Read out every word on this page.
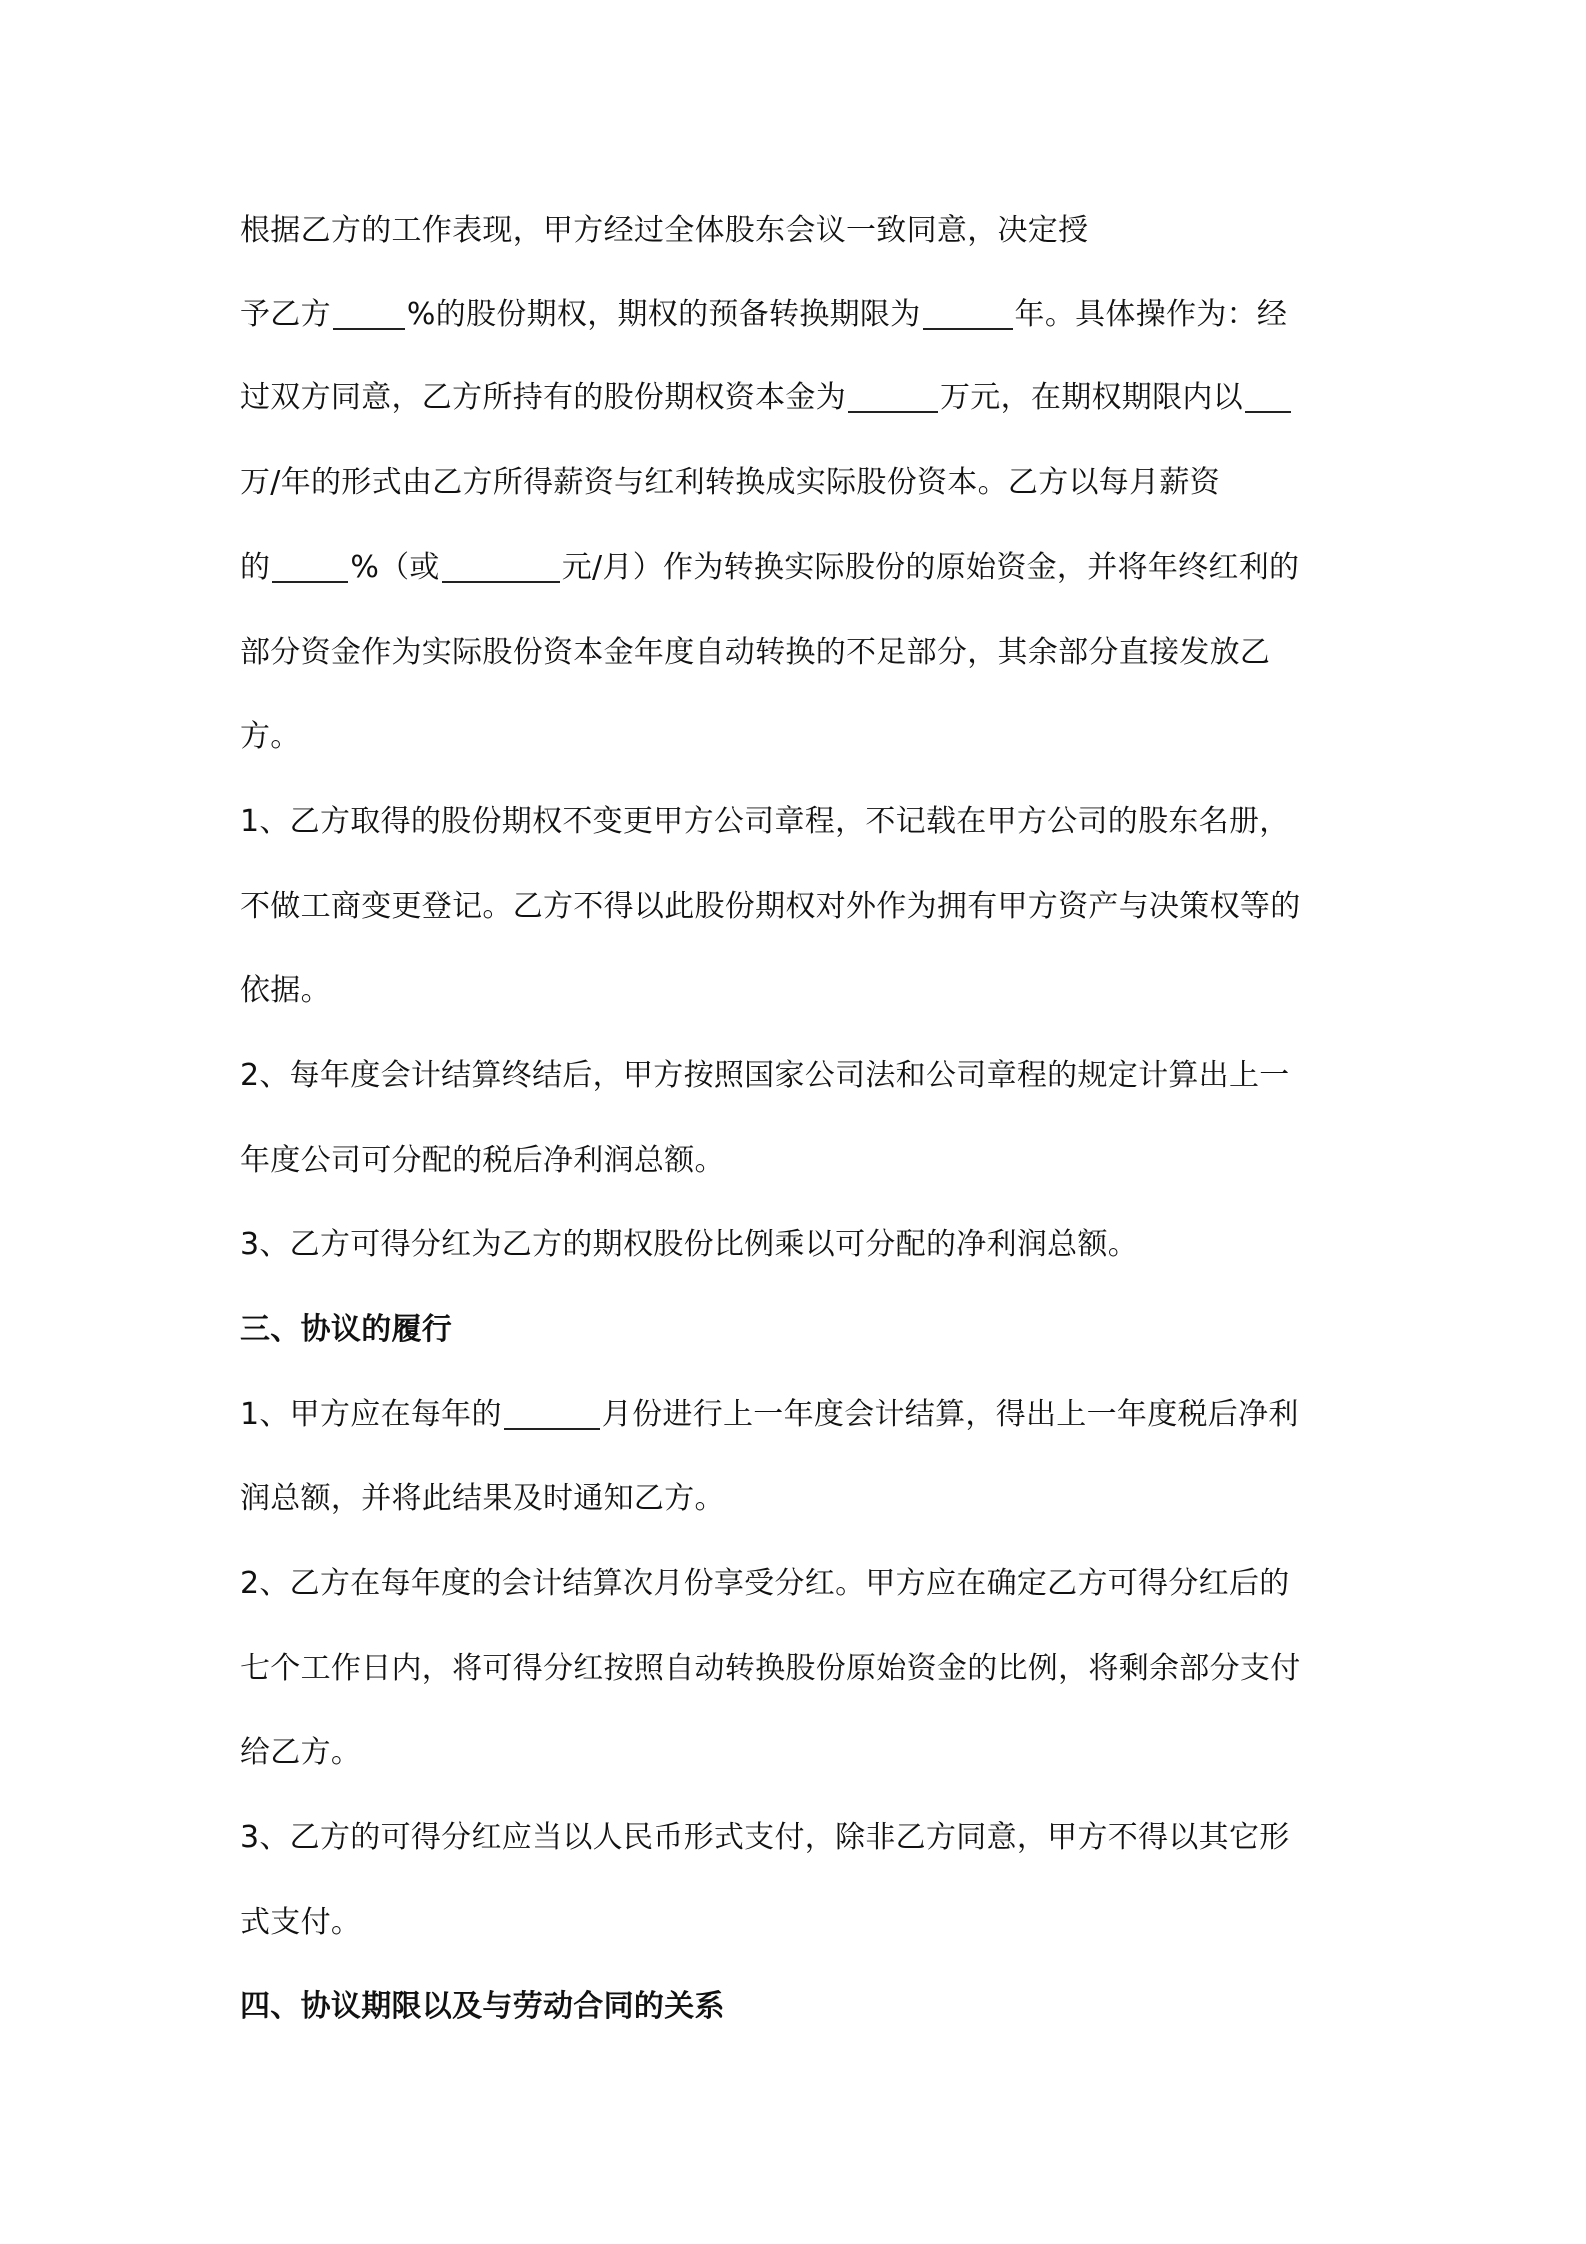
根据乙方的工作表现，甲方经过全体股东会议一致同意，决定授
予乙方	%的股份期权，期权的预备转换期限为	年。具体操作为：经
过双方同意，乙方所持有的股份期权资本金为	万元，在期权期限内以
万/年的形式由乙方所得薪资与红利转换成实际股份资本。乙方以每月薪资
的	%（或	元/月）作为转换实际股份的原始资金，并将年终红利的
部分资金作为实际股份资本金年度自动转换的不足部分，其余部分直接发放乙
方。
1、乙方取得的股份期权不变更甲方公司章程，不记载在甲方公司的股东名册，
不做工商变更登记。乙方不得以此股份期权对外作为拥有甲方资产与决策权等的
依据。
2、每年度会计结算终结后，甲方按照国家公司法和公司章程的规定计算出上一
年度公司可分配的税后净利润总额。
3、乙方可得分红为乙方的期权股份比例乘以可分配的净利润总额。
三、协议的履行
1、甲方应在每年的	月份进行上一年度会计结算，得出上一年度税后净利
润总额，并将此结果及时通知乙方。
2、乙方在每年度的会计结算次月份享受分红。甲方应在确定乙方可得分红后的
七个工作日内，将可得分红按照自动转换股份原始资金的比例，将剩余部分支付
给乙方。
3、乙方的可得分红应当以人民币形式支付，除非乙方同意，甲方不得以其它形
式支付。
四、协议期限以及与劳动合同的关系
